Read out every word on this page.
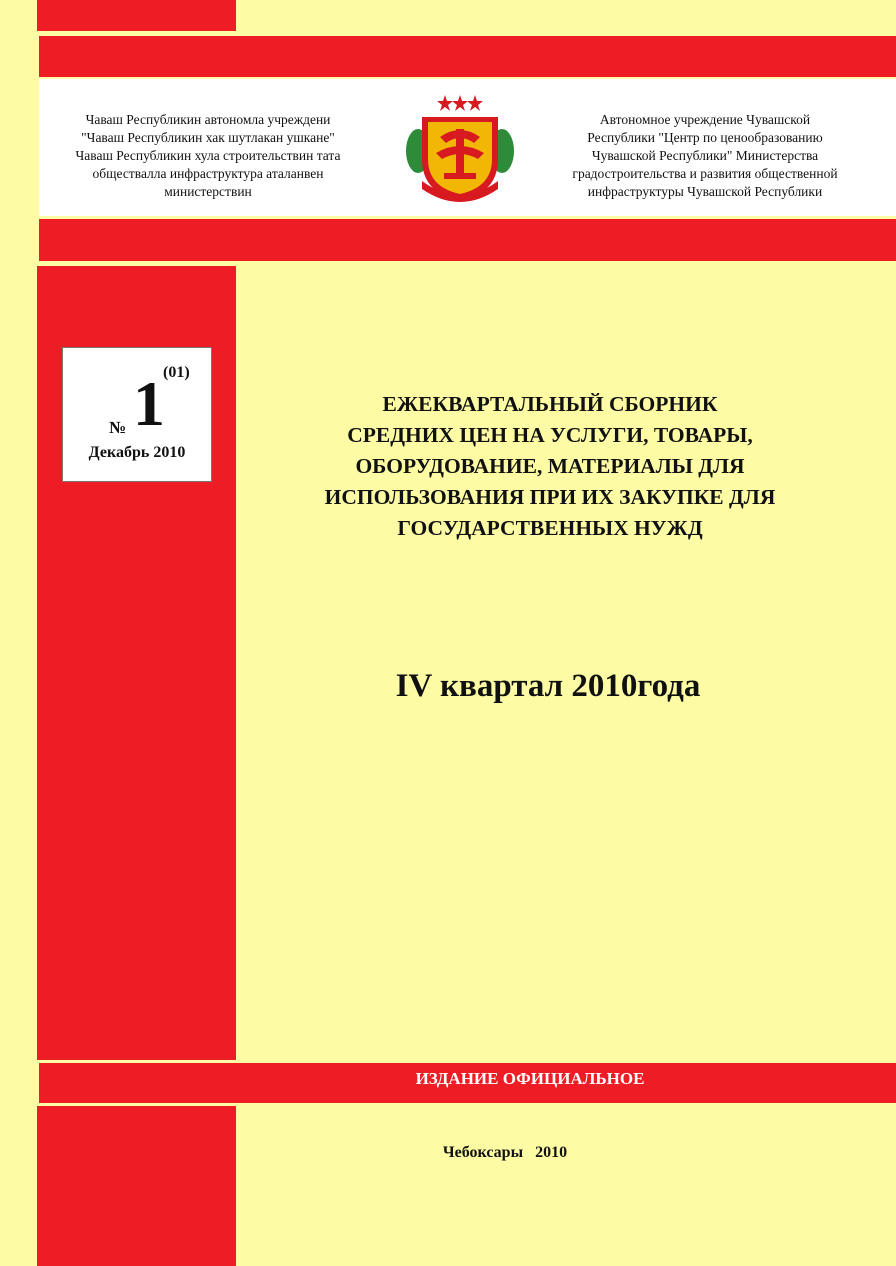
Чаваш Республикин автономла учреждени
"Чаваш Республикин хак шутлакан ушкане"
Чаваш Республикин хула строительствин тата
обществалла инфраструктура аталанвен
министерствин
Автономное учреждение Чувашской
Республики "Центр по ценообразованию
Чувашской Республики" Министерства
градостроительства и развития общественной
инфраструктуры Чувашской Республики
(01)
№ 1
Декабрь 2010
ЕЖЕКВАРТАЛЬНЫЙ СБОРНИК
СРЕДНИХ ЦЕН НА УСЛУГИ, ТОВАРЫ,
ОБОРУДОВАНИЕ, МАТЕРИАЛЫ ДЛЯ
ИСПОЛЬЗОВАНИЯ ПРИ ИХ ЗАКУПКЕ ДЛЯ
ГОСУДАРСТВЕННЫХ НУЖД
IV квартал 2010года
ИЗДАНИЕ ОФИЦИАЛЬНОЕ
Чебоксары   2010
